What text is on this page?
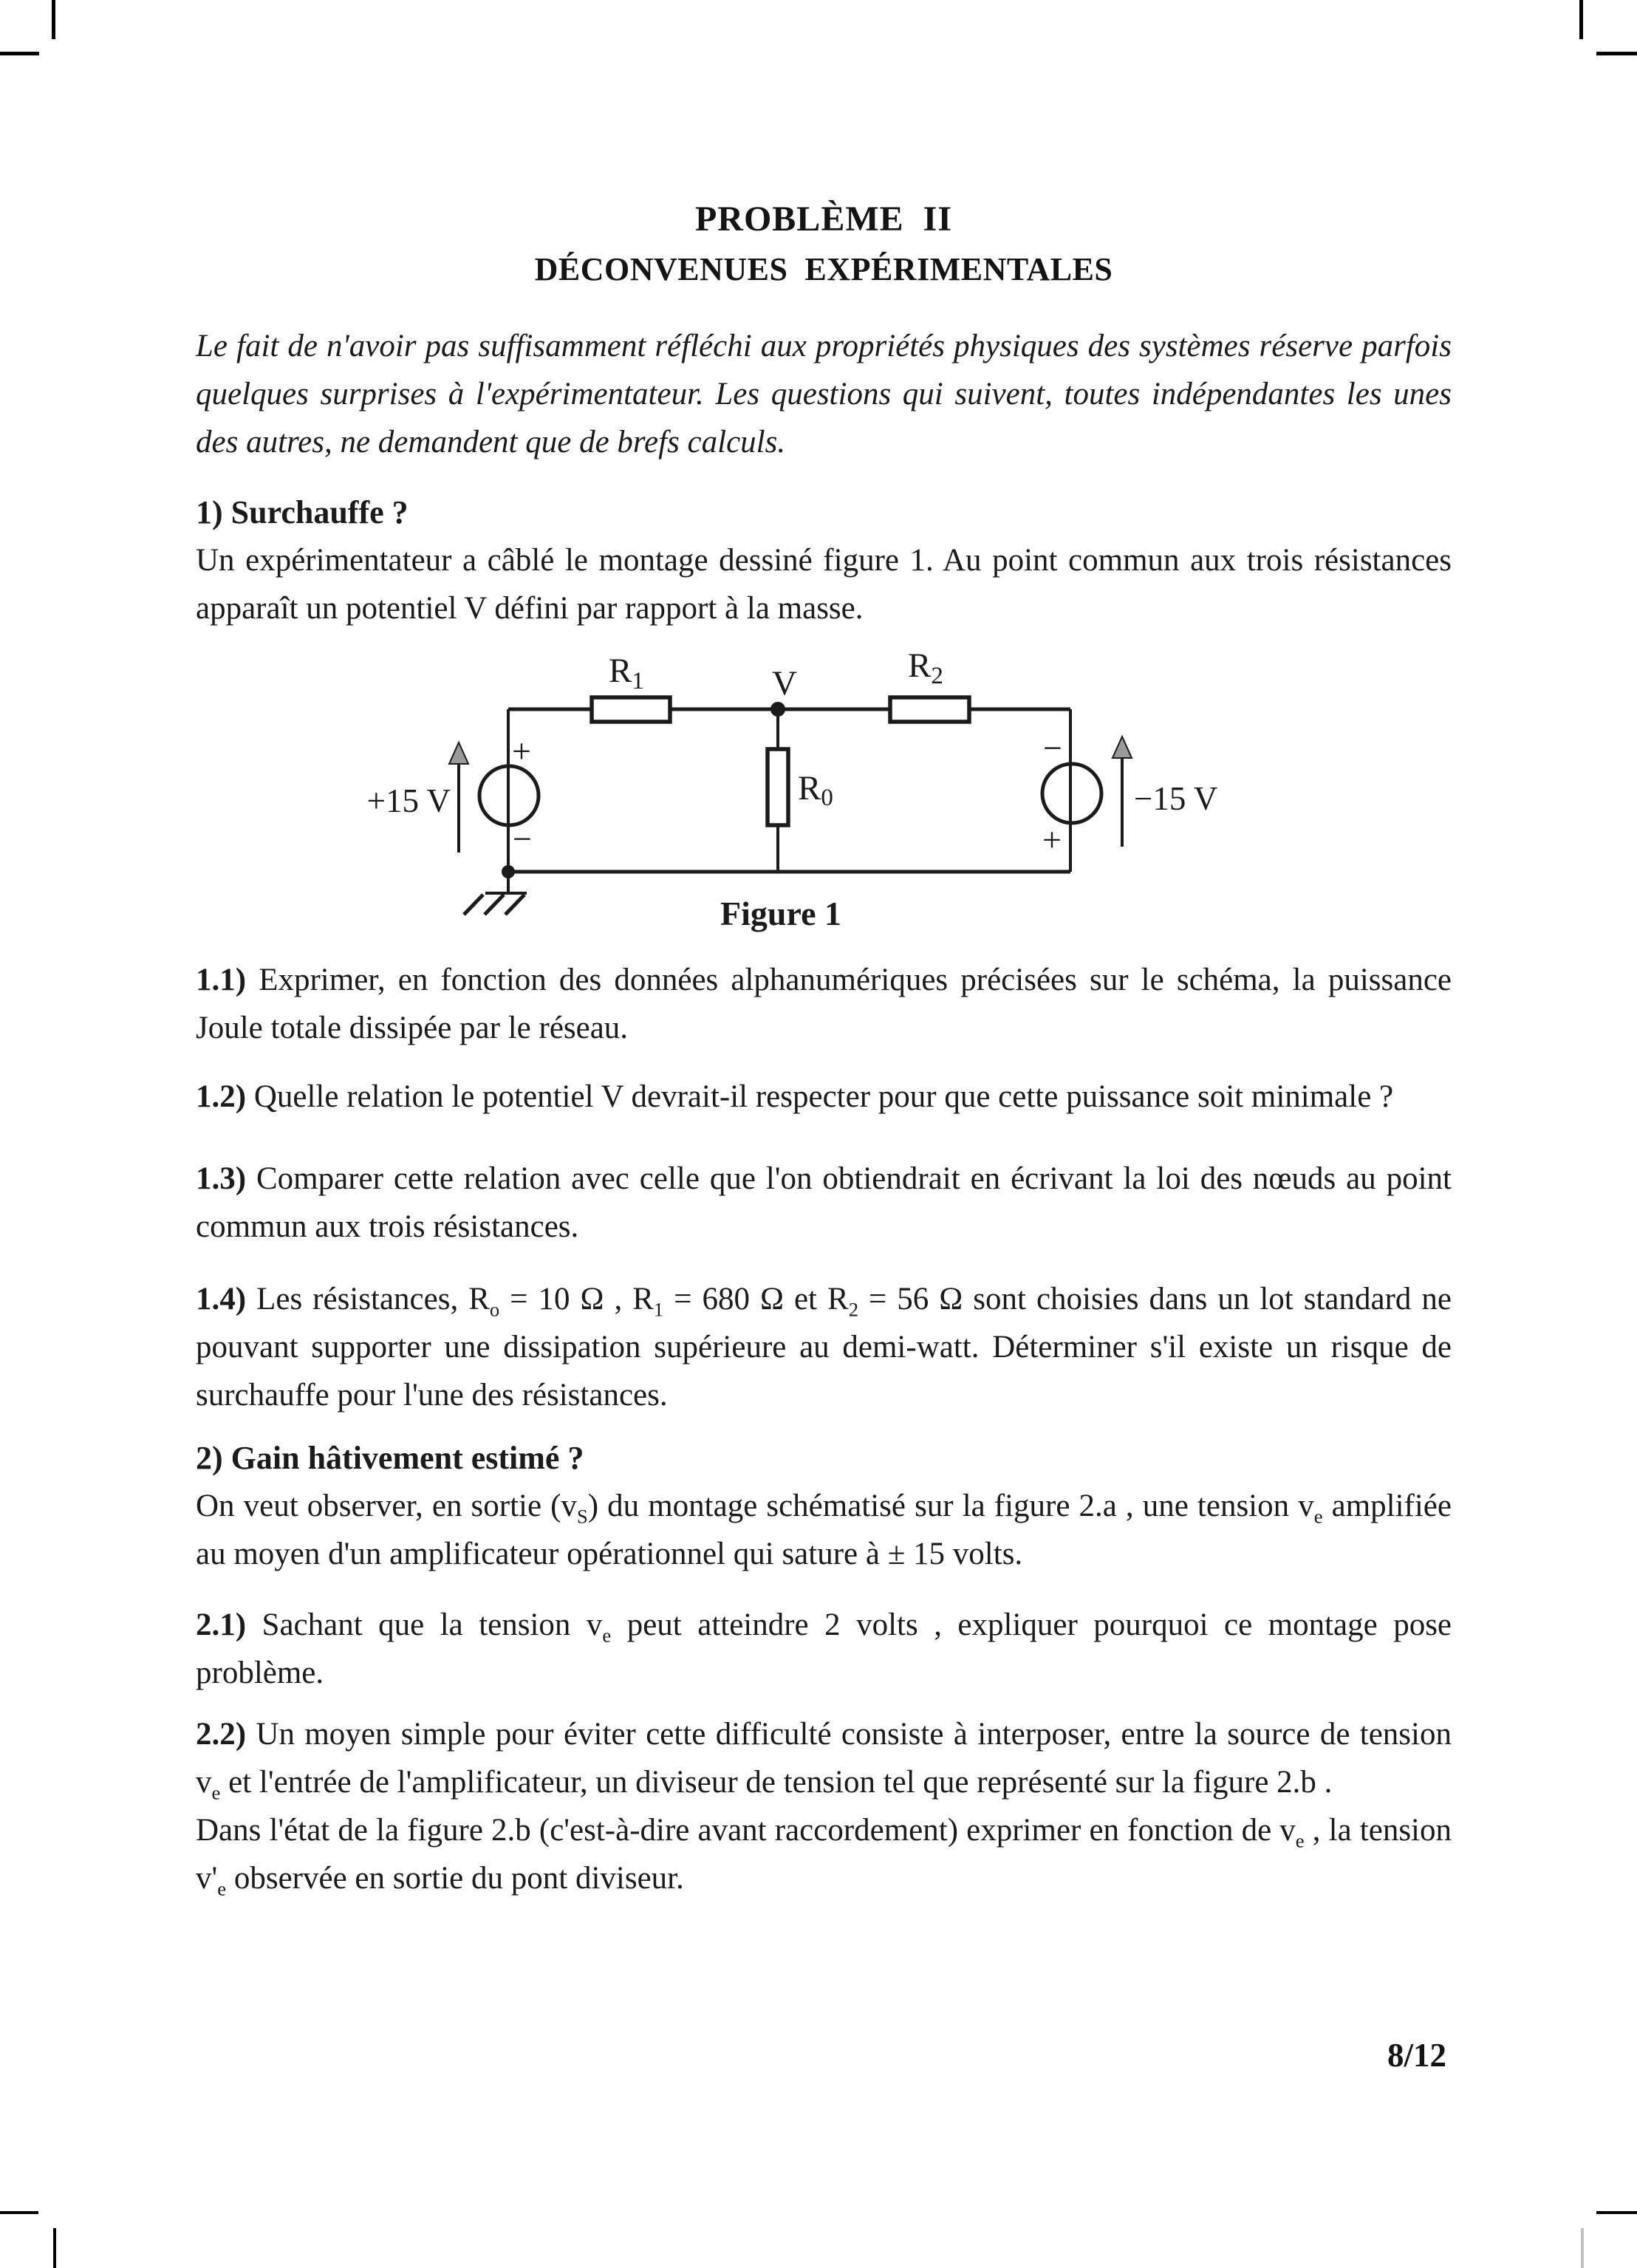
PROBLÈME  II
DÉCONVENUES  EXPÉRIMENTALES

Le fait de n'avoir pas suffisamment réfléchi aux propriétés physiques des systèmes réserve parfois quelques surprises à l'expérimentateur. Les questions qui suivent, toutes indépendantes les unes des autres, ne demandent que de brefs calculs.

1) Surchauffe ?

Un expérimentateur a câblé le montage dessiné figure 1. Au point commun aux trois résistances apparaît un potentiel V défini par rapport à la masse.

R1	R2
R0
V
+
−
−
+
+15 V	−15 V
Figure 1

1.1) Exprimer, en fonction des données alphanumériques précisées sur le schéma, la puissance Joule totale dissipée par le réseau.

1.2) Quelle relation le potentiel V devrait-il respecter pour que cette puissance soit minimale ?

1.3) Comparer cette relation avec celle que l'on obtiendrait en écrivant la loi des nœuds au point commun aux trois résistances.

1.4) Les résistances, $R_o = 10$ Ω , $R_1 = 680$ Ω et $R_2 = 56$ Ω sont choisies dans un lot standard ne pouvant supporter une dissipation supérieure au demi-watt. Déterminer s'il existe un risque de surchauffe pour l'une des résistances.

2) Gain hâtivement estimé ?

On veut observer, en sortie $(v_S)$ du montage schématisé sur la figure 2.a , une tension $v_e$ amplifiée au moyen d'un amplificateur opérationnel qui sature à ± 15 volts.

2.1) Sachant que la tension $v_e$ peut atteindre 2 volts , expliquer pourquoi ce montage pose problème.

2.2) Un moyen simple pour éviter cette difficulté consiste à interposer, entre la source de tension $v_e$ et l'entrée de l'amplificateur, un diviseur de tension tel que représenté sur la figure 2.b .

Dans l'état de la figure 2.b (c'est-à-dire avant raccordement) exprimer en fonction de $v_e$ , la tension $v'_e$ observée en sortie du pont diviseur.

8/12
